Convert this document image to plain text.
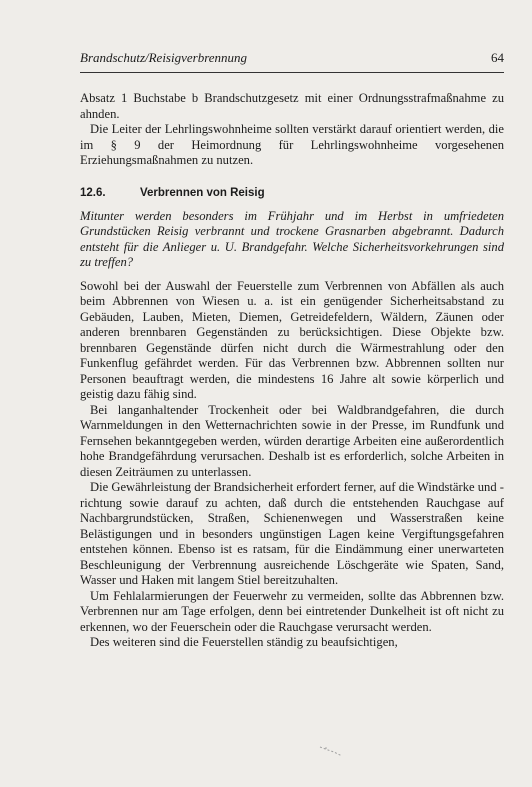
Brandschutz/Reisigverbrennung	64

Absatz 1 Buchstabe b Brandschutzgesetz mit einer Ordnungsstrafmaßnahme zu ahnden.

Die Leiter der Lehrlingswohnheime sollten verstärkt darauf orientiert werden, die im § 9 der Heimordnung für Lehrlingswohnheime vorgesehenen Erziehungsmaßnahmen zu nutzen.

12.6.	Verbrennen von Reisig

Mitunter werden besonders im Frühjahr und im Herbst in umfriedeten Grundstücken Reisig verbrannt und trockene Grasnarben abgebrannt. Dadurch entsteht für die Anlieger u. U. Brandgefahr. Welche Sicherheitsvorkehrungen sind zu treffen?

Sowohl bei der Auswahl der Feuerstelle zum Verbrennen von Abfällen als auch beim Abbrennen von Wiesen u. a. ist ein genügender Sicherheitsabstand zu Gebäuden, Lauben, Mieten, Diemen, Getreidefeldern, Wäldern, Zäunen oder anderen brennbaren Gegenständen zu berücksichtigen. Diese Objekte bzw. brennbaren Gegenstände dürfen nicht durch die Wärmestrahlung oder den Funkenflug gefährdet werden. Für das Verbrennen bzw. Abbrennen sollten nur Personen beauftragt werden, die mindestens 16 Jahre alt sowie körperlich und geistig dazu fähig sind.

Bei langanhaltender Trockenheit oder bei Waldbrandgefahren, die durch Warnmeldungen in den Wetternachrichten sowie in der Presse, im Rundfunk und Fernsehen bekanntgegeben werden, würden derartige Arbeiten eine außerordentlich hohe Brandgefährdung verursachen. Deshalb ist es erforderlich, solche Arbeiten in diesen Zeiträumen zu unterlassen.

Die Gewährleistung der Brandsicherheit erfordert ferner, auf die Windstärke und -richtung sowie darauf zu achten, daß durch die entstehenden Rauchgase auf Nachbargrundstücken, Straßen, Schienenwegen und Wasserstraßen keine Belästigungen und in besonders ungünstigen Lagen keine Vergiftungsgefahren entstehen können. Ebenso ist es ratsam, für die Eindämmung einer unerwarteten Beschleunigung der Verbrennung ausreichende Löschgeräte wie Spaten, Sand, Wasser und Haken mit langem Stiel bereitzuhalten.

Um Fehlalarmierungen der Feuerwehr zu vermeiden, sollte das Abbrennen bzw. Verbrennen nur am Tage erfolgen, denn bei eintretender Dunkelheit ist oft nicht zu erkennen, wo der Feuerschein oder die Rauchgase verursacht werden.

Des weiteren sind die Feuerstellen ständig zu beaufsichtigen,
